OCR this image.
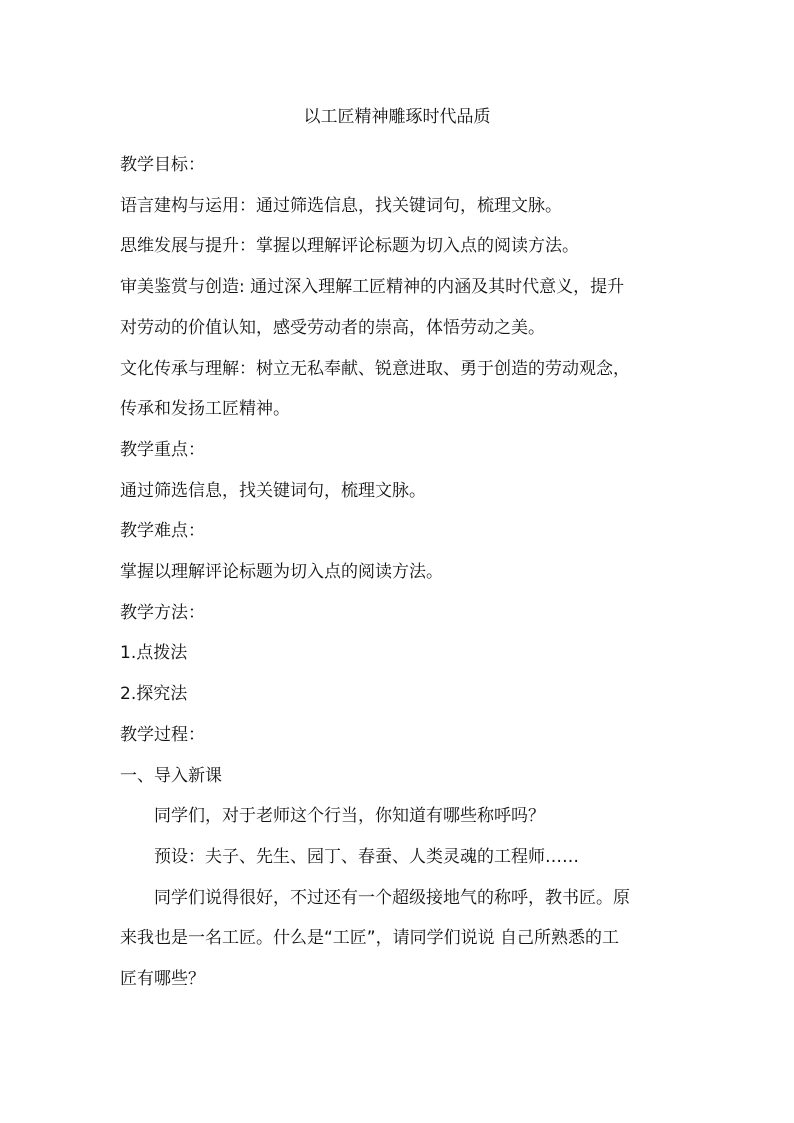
以工匠精神雕琢时代品质

教学目标：

语言建构与运用：通过筛选信息，找关键词句，梳理文脉。

思维发展与提升：掌握以理解评论标题为切入点的阅读方法。

审美鉴赏与创造: 通过深入理解工匠精神的内涵及其时代意义，提升

对劳动的价值认知，感受劳动者的崇高，体悟劳动之美。

文化传承与理解：树立无私奉献、锐意进取、勇于创造的劳动观念，

传承和发扬工匠精神。

教学重点：

通过筛选信息，找关键词句，梳理文脉。

教学难点：

掌握以理解评论标题为切入点的阅读方法。

教学方法：

1.点拨法

2.探究法

教学过程：

一、导入新课

同学们，对于老师这个行当，你知道有哪些称呼吗？

预设：夫子、先生、园丁、春蚕、人类灵魂的工程师……

同学们说得很好，不过还有一个超级接地气的称呼，教书匠。原

来我也是一名工匠。什么是“工匠”，请同学们说说 自己所熟悉的工

匠有哪些？
